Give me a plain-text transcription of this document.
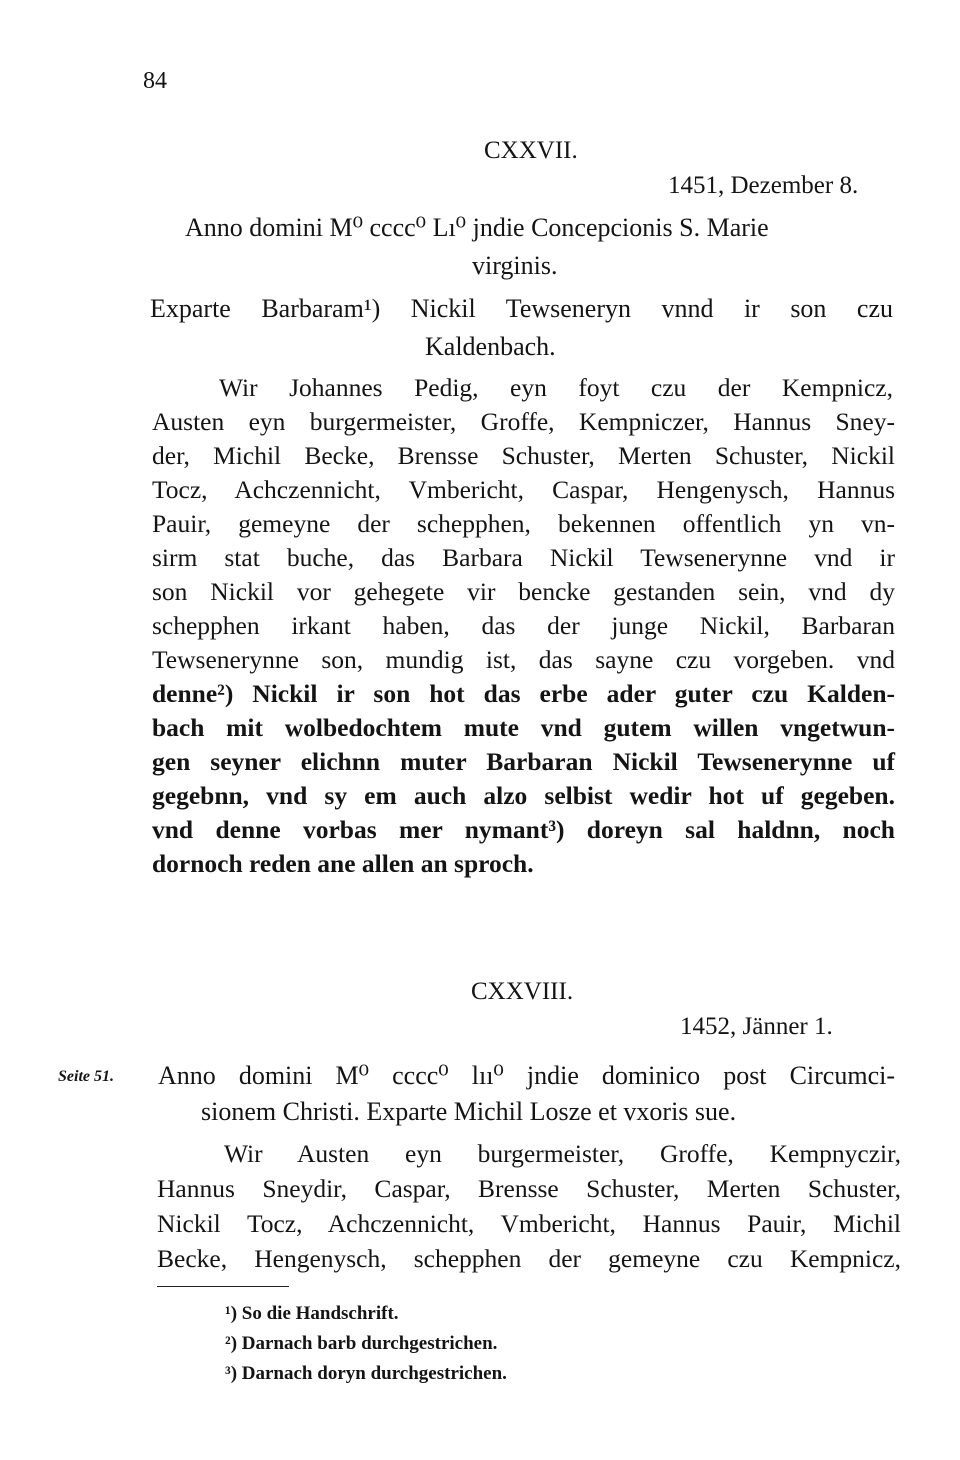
84
CXXVII.
1451, Dezember 8.
Anno domini M⁰ cccc⁰ Lı⁰ jndie Concepcionis S. Marie
virginis.
Exparte Barbaram¹) Nickil Tewseneryn vnnd ir son czu
Kaldenbach.
Wir Johannes Pedig, eyn foyt czu der Kempnicz,
Austen eyn burgermeister, Groffe, Kempniczer, Hannus Sney-
der, Michil Becke, Brensse Schuster, Merten Schuster, Nickil
Tocz, Achczennicht, Vmbericht, Caspar, Hengenysch, Hannus
Pauir, gemeyne der schepphen, bekennen offentlich yn vn-
sirm stat buche, das Barbara Nickil Tewsenerynne vnd ir
son Nickil vor gehegete vir bencke gestanden sein, vnd dy
schepphen irkant haben, das der junge Nickil, Barbaran
Tewsenerynne son, mundig ist, das sayne czu vorgeben. vnd
denne²) Nickil ir son hot das erbe ader guter czu Kalden-
bach mit wolbedochtem mute vnd gutem willen vngetwun-
gen seyner elichnn muter Barbaran Nickil Tewsenerynne uf
gegebnn, vnd sy em auch alzo selbist wedir hot uf gegeben.
vnd denne vorbas mer nymant³) doreyn sal haldnn, noch
dornoch reden ane allen an sproch.
CXXVIII.
1452, Jänner 1.
Seite 51. Anno domini M⁰ cccc⁰ lıı⁰ jndie dominico post Circumci-
sionem Christi. Exparte Michil Losze et vxoris sue.
Wir Austen eyn burgermeister, Groffe, Kempnyczir,
Hannus Sneydir, Caspar, Brensse Schuster, Merten Schuster,
Nickil Tocz, Achczennicht, Vmbericht, Hannus Pauir, Michil
Becke, Hengenysch, schepphen der gemeyne czu Kempnicz,
¹) So die Handschrift.
²) Darnach barb durchgestrichen.
³) Darnach doryn durchgestrichen.
